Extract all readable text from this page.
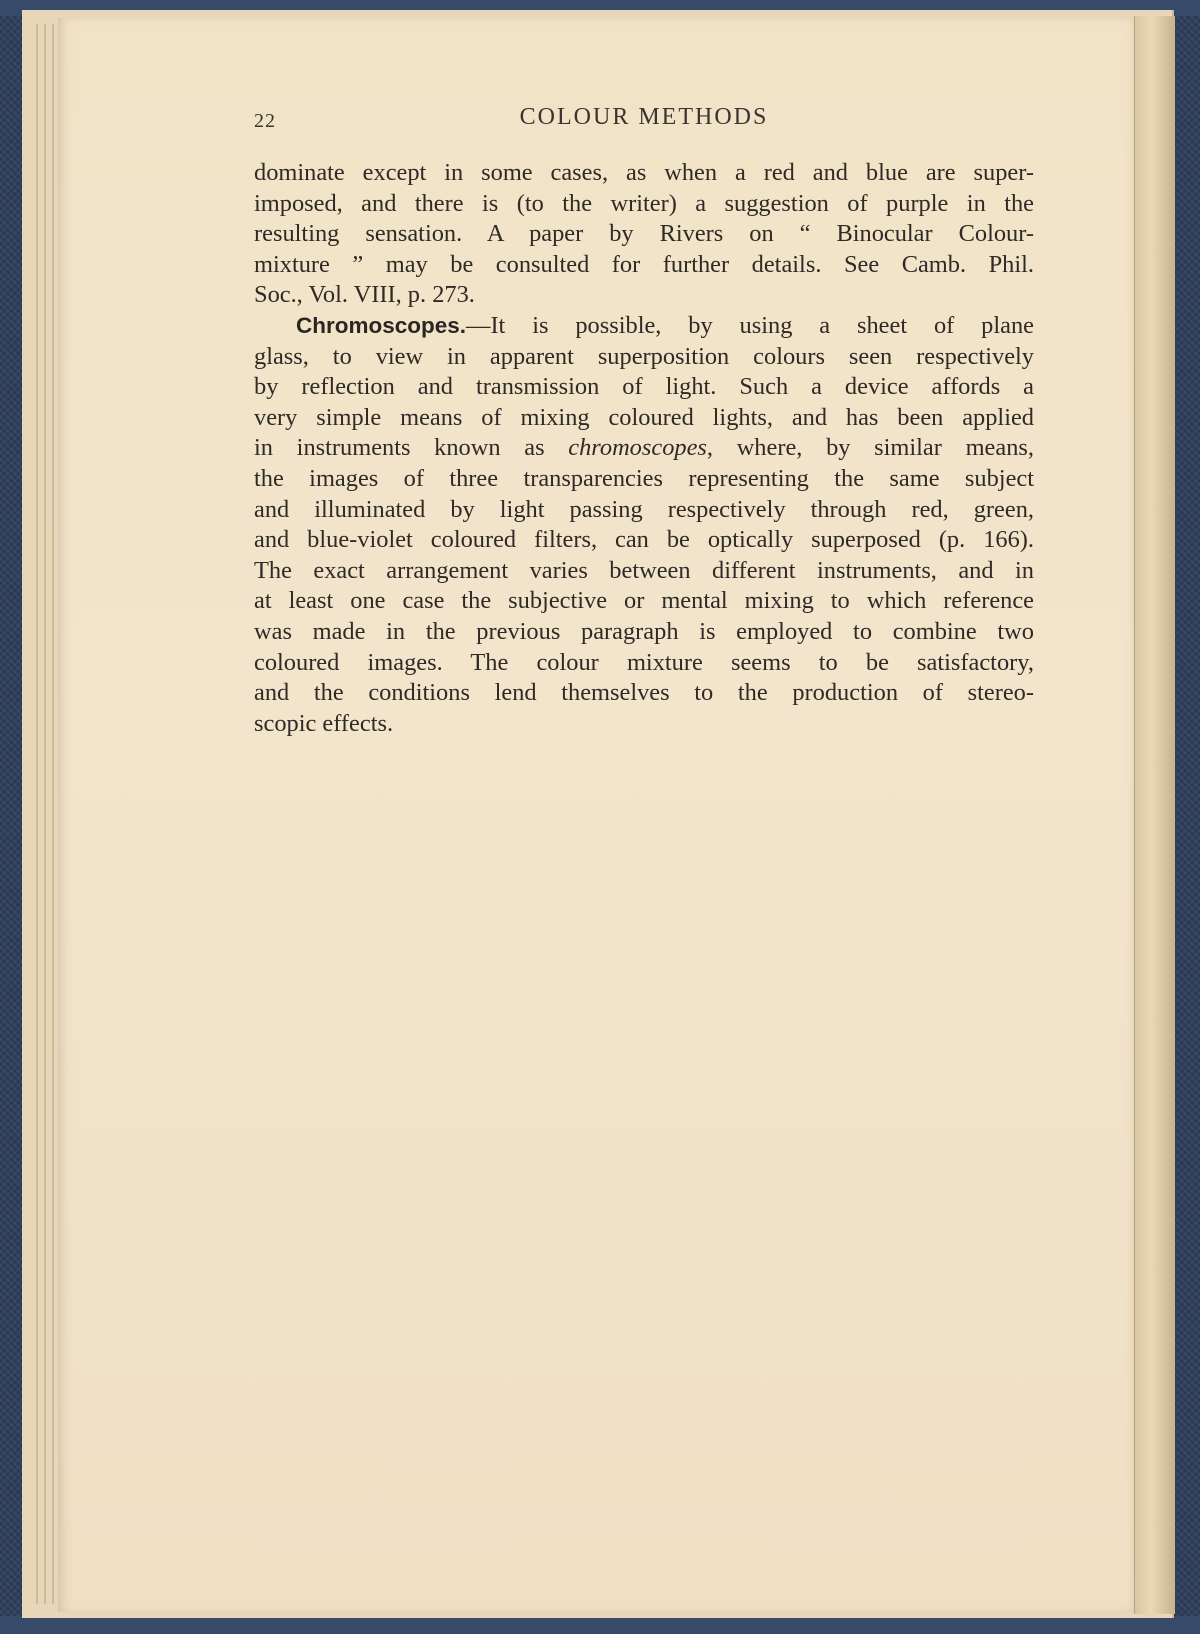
22	COLOUR METHODS
dominate except in some cases, as when a red and blue are super-
imposed, and there is (to the writer) a suggestion of purple in the
resulting sensation. A paper by Rivers on “ Binocular Colour-
mixture ” may be consulted for further details. See Camb. Phil.
Soc., Vol. VIII, p. 273.
Chromoscopes.—It is possible, by using a sheet of plane
glass, to view in apparent superposition colours seen respectively
by reflection and transmission of light. Such a device affords a
very simple means of mixing coloured lights, and has been applied
in instruments known as chromoscopes, where, by similar means,
the images of three transparencies representing the same subject
and illuminated by light passing respectively through red, green,
and blue-violet coloured filters, can be optically superposed (p. 166).
The exact arrangement varies between different instruments, and in
at least one case the subjective or mental mixing to which reference
was made in the previous paragraph is employed to combine two
coloured images. The colour mixture seems to be satisfactory,
and the conditions lend themselves to the production of stereo-
scopic effects.
